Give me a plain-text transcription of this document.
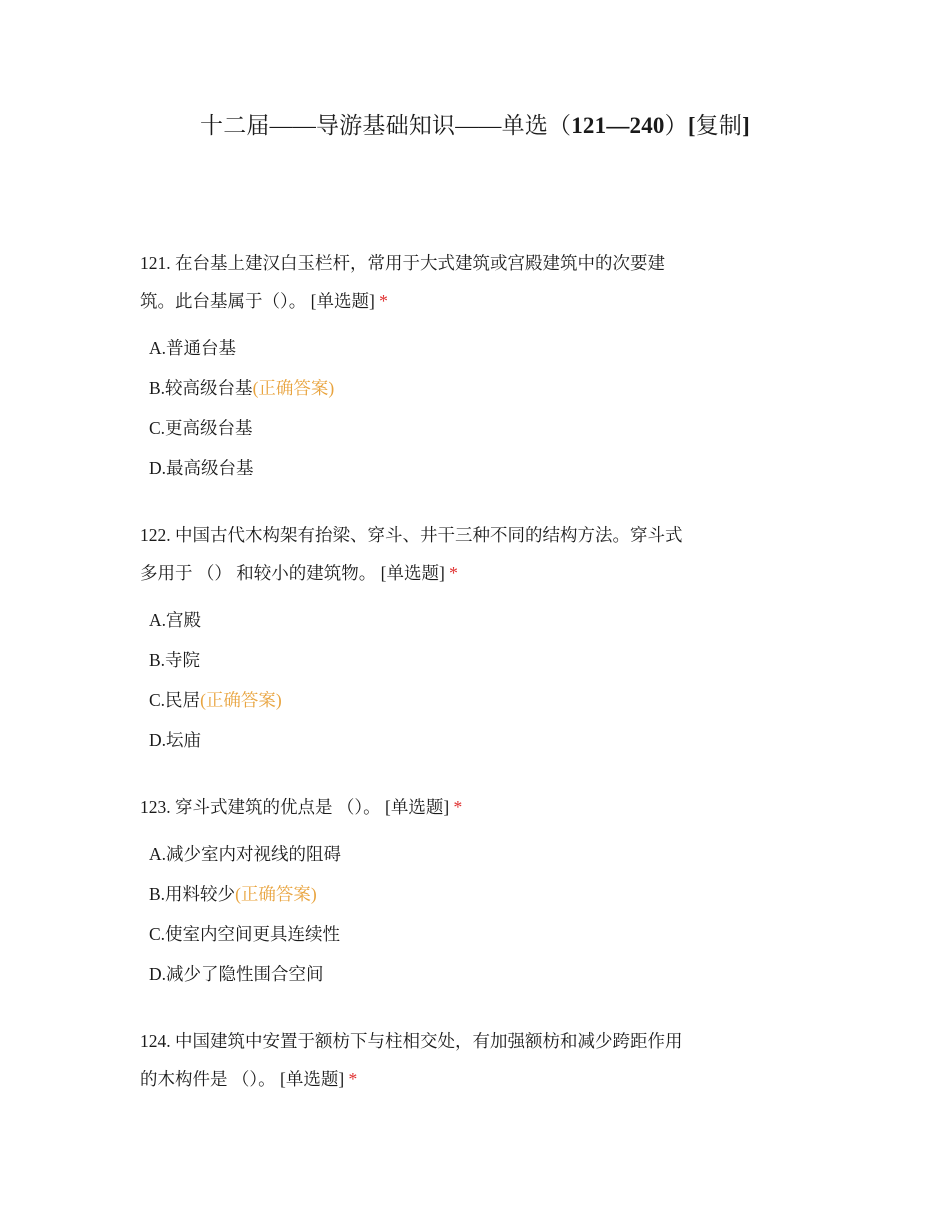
十二届——导游基础知识——单选（121—240）[复制]

121. 在台基上建汉白玉栏杆，常用于大式建筑或宫殿建筑中的次要建筑。此台基属于（）。 [单选题] *

A.普通台基
B.较高级台基(正确答案)
C.更高级台基
D.最高级台基

122. 中国古代木构架有抬梁、穿斗、井干三种不同的结构方法。穿斗式多用于 （） 和较小的建筑物。 [单选题] *

A.宫殿
B.寺院
C.民居(正确答案)
D.坛庙

123. 穿斗式建筑的优点是 （）。 [单选题] *

A.减少室内对视线的阻碍
B.用料较少(正确答案)
C.使室内空间更具连续性
D.减少了隐性围合空间

124. 中国建筑中安置于额枋下与柱相交处，有加强额枋和减少跨距作用的木构件是 （）。 [单选题] *
